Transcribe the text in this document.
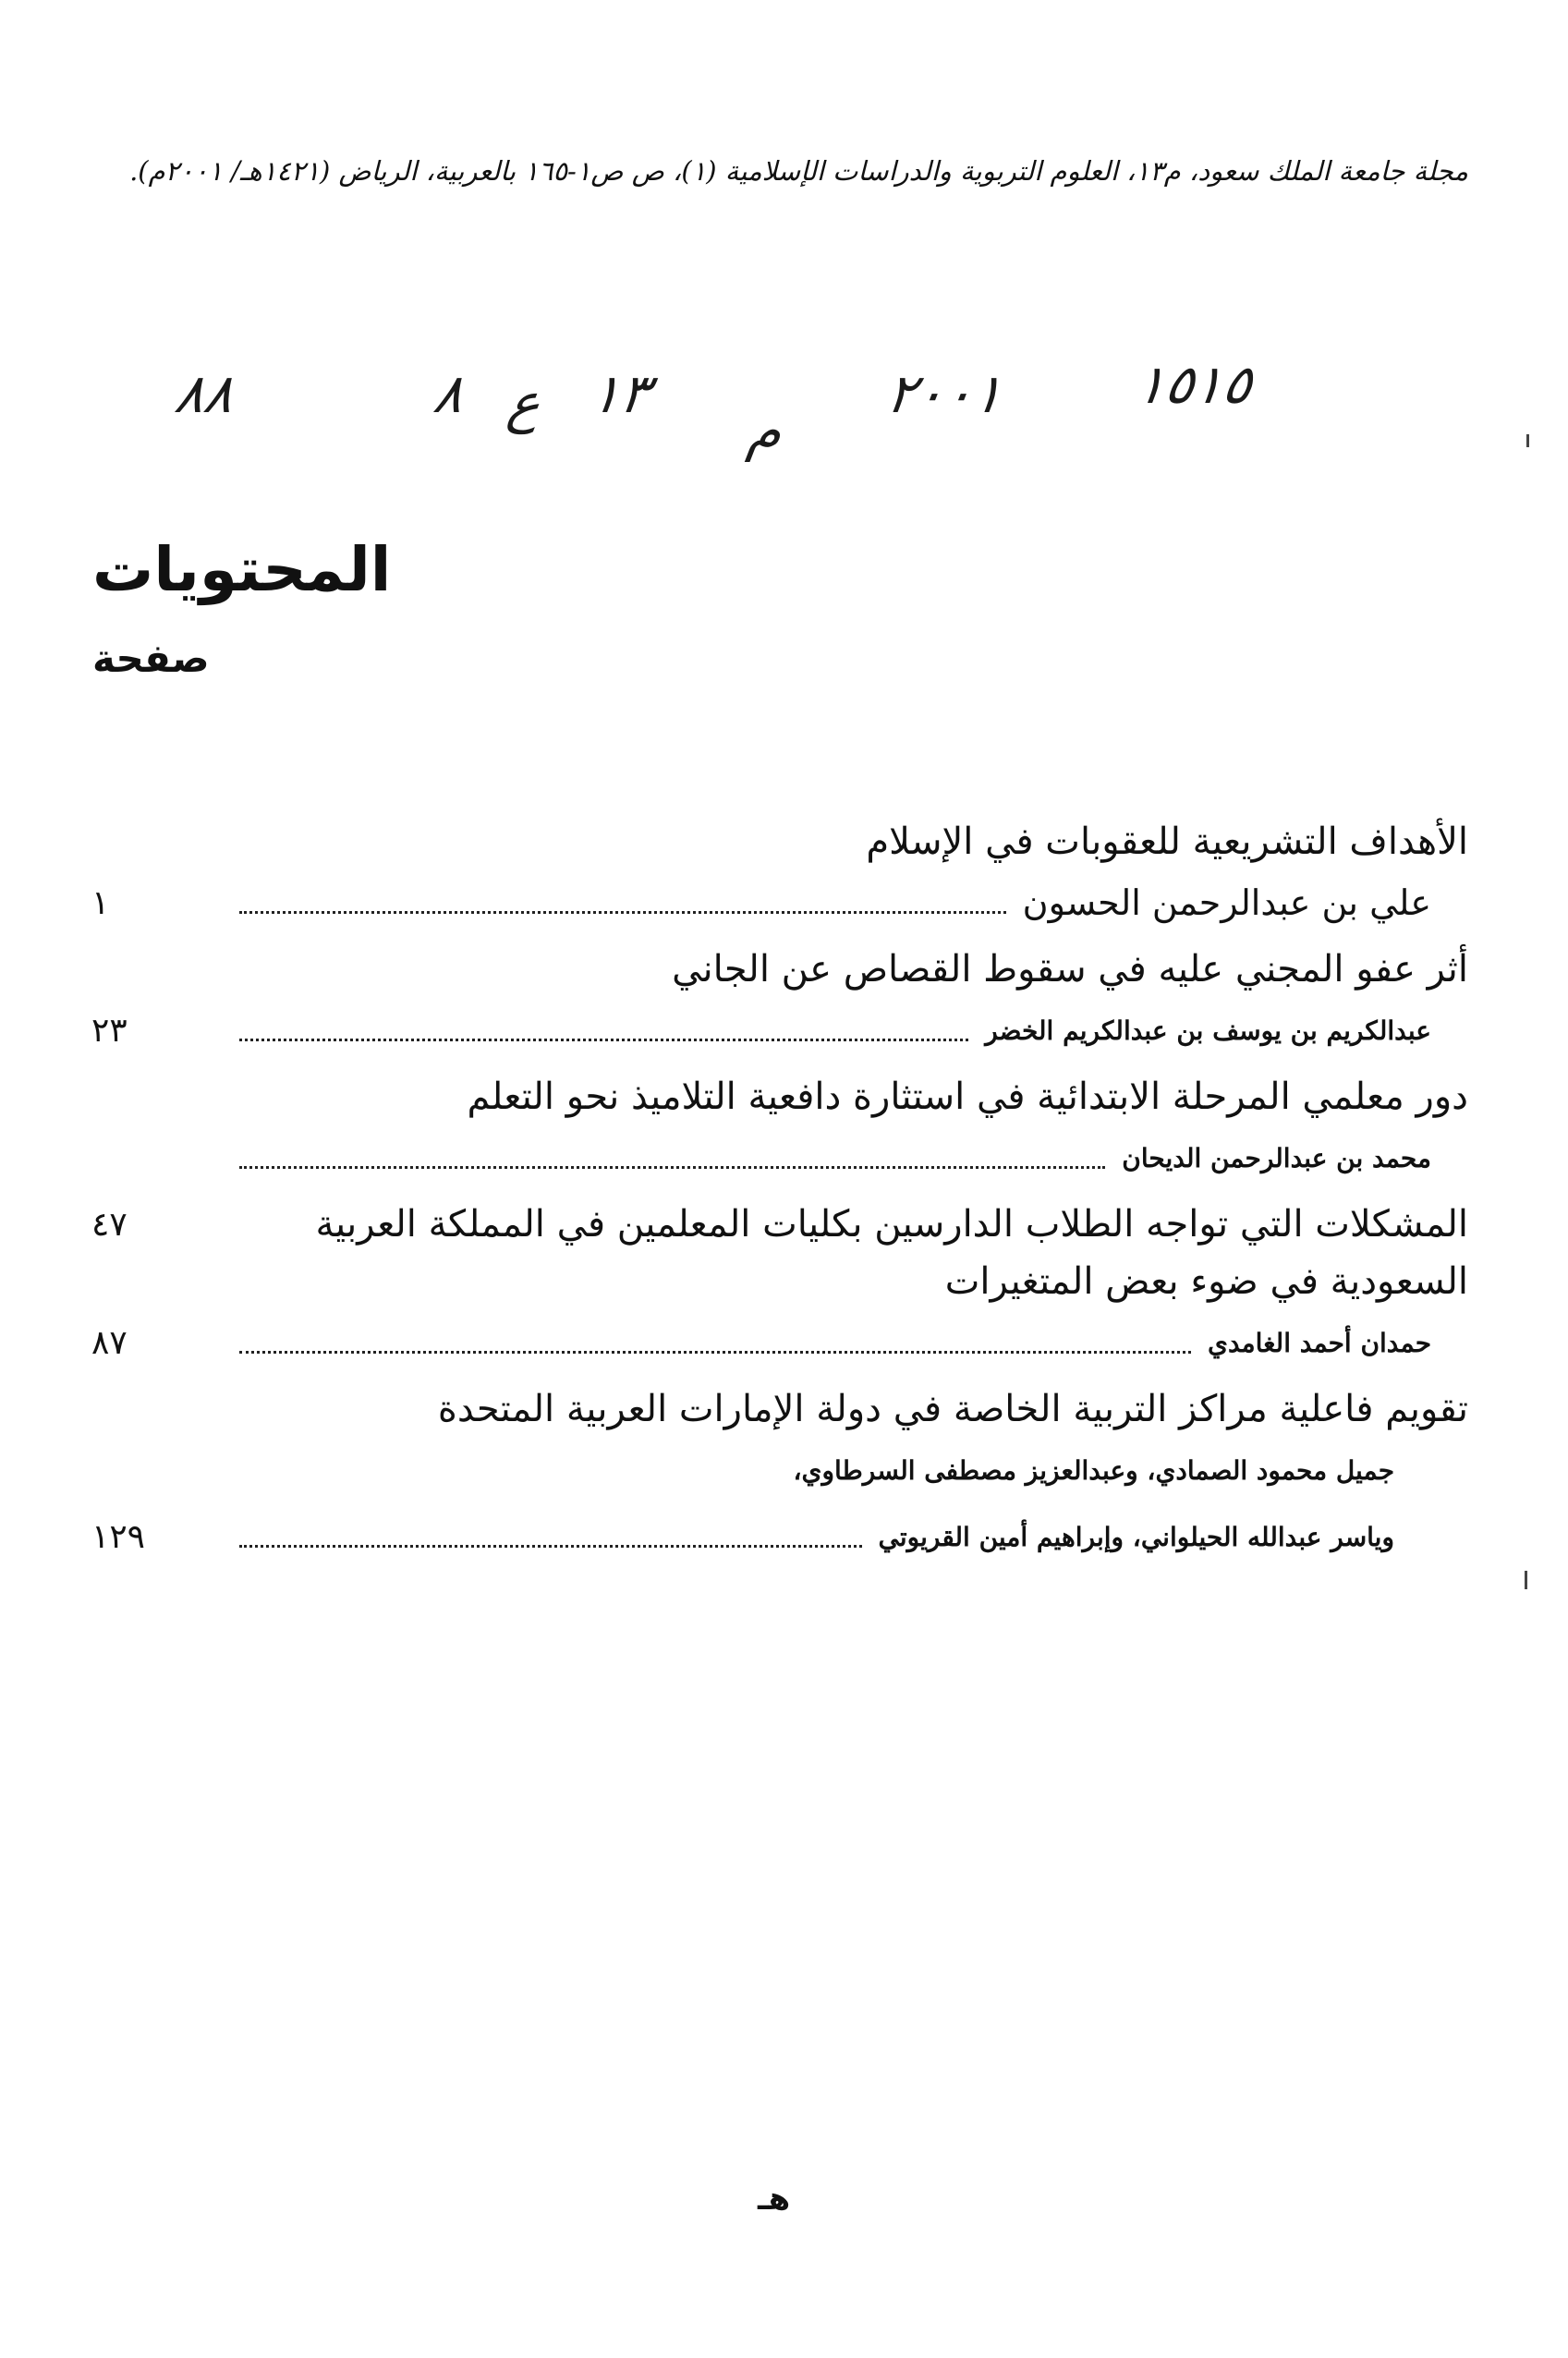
مجلة جامعة الملك سعود، م١٣، العلوم التربوية والدراسات الإسلامية (١)، ص ص١-١٦٥ بالعربية، الرياض (١٤٢١هـ/ ٢٠٠١م).
٨٨	٨ ع ١٣
م
٢٠٠١ ١٥١٥
المحتويات
صفحة
الأهداف التشريعية للعقوبات في الإسلام
علي بن عبدالرحمن الحسون
١
أثر عفو المجني عليه في سقوط القصاص عن الجاني
عبدالكريم بن يوسف بن عبدالكريم الخضر
٢٣
دور معلمي المرحلة الابتدائية في استثارة دافعية التلاميذ نحو التعلم
محمد بن عبدالرحمن الديحان
المشكلات التي تواجه الطلاب الدارسين بكليات المعلمين في المملكة العربية
٤٧
السعودية في ضوء بعض المتغيرات
حمدان أحمد الغامدي
٨٧
تقويم فاعلية مراكز التربية الخاصة في دولة الإمارات العربية المتحدة
جميل محمود الصمادي، وعبدالعزيز مصطفى السرطاوي،
وياسر عبدالله الحيلواني، وإبراهيم أمين القريوتي
١٢٩
هـ
